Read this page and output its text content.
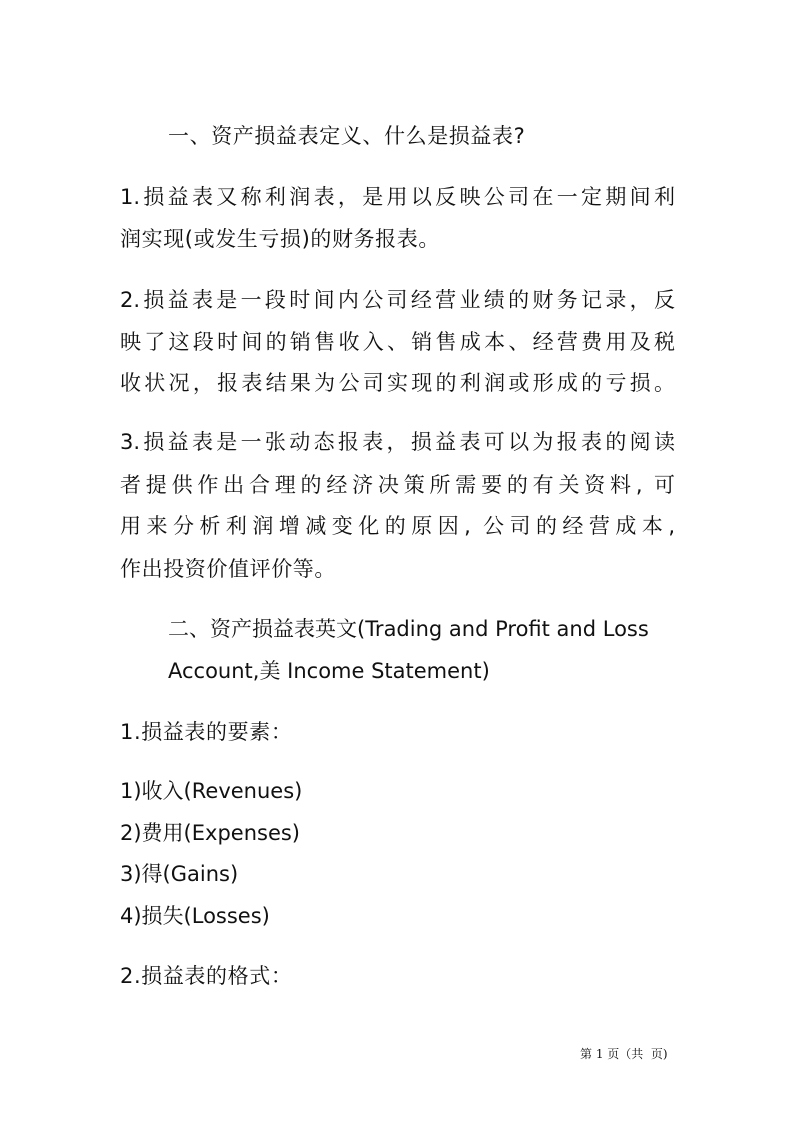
一、资产损益表定义、什么是损益表?
1.损益表又称利润表，是用以反映公司在一定期间利
润实现(或发生亏损)的财务报表。
2.损益表是一段时间内公司经营业绩的财务记录，反
映了这段时间的销售收入、销售成本、经营费用及税
收状况，报表结果为公司实现的利润或形成的亏损。
3.损益表是一张动态报表，损益表可以为报表的阅读
者提供作出合理的经济决策所需要的有关资料, 可
用来分析利润增减变化的原因, 公司的经营成本,
作出投资价值评价等。
二、资产损益表英文(Trading and Profit and Loss
Account,美 Income Statement)
1.损益表的要素：
1)收入(Revenues)
2)费用(Expenses)
3)得(Gains)
4)损失(Losses)
2.损益表的格式：
第 1 页（共  页)
